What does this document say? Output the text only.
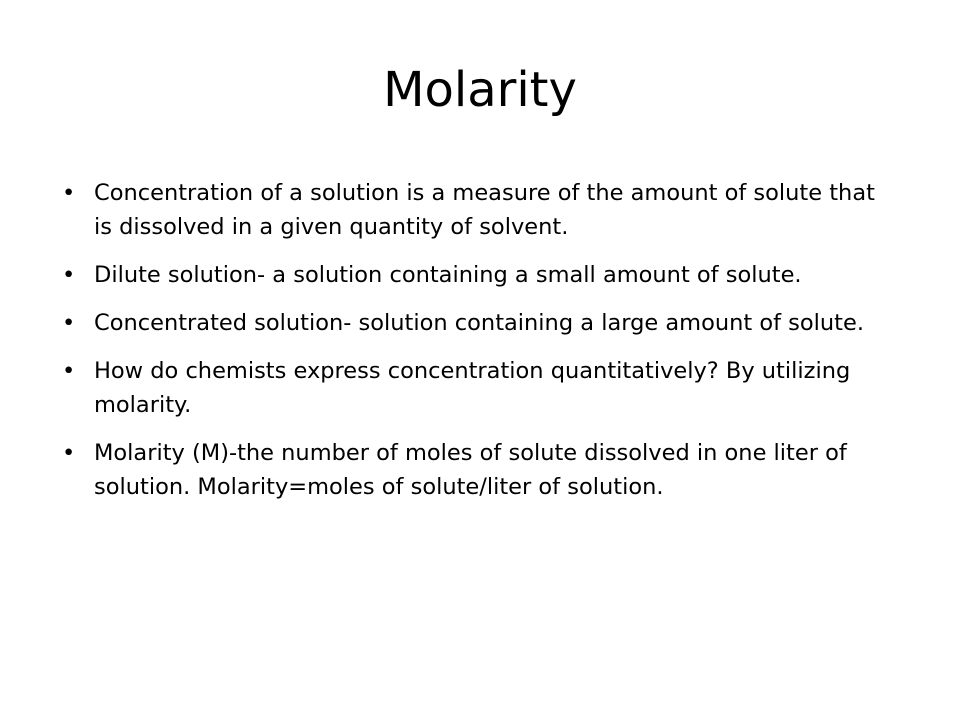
Molarity
• Concentration of a solution is a measure of the amount of solute that is dissolved in a given quantity of solvent.
• Dilute solution- a solution containing a small amount of solute.
• Concentrated solution- solution containing a large amount of solute.
• How do chemists express concentration quantitatively? By utilizing molarity.
• Molarity (M)-the number of moles of solute dissolved in one liter of solution. Molarity=moles of solute/liter of solution.
